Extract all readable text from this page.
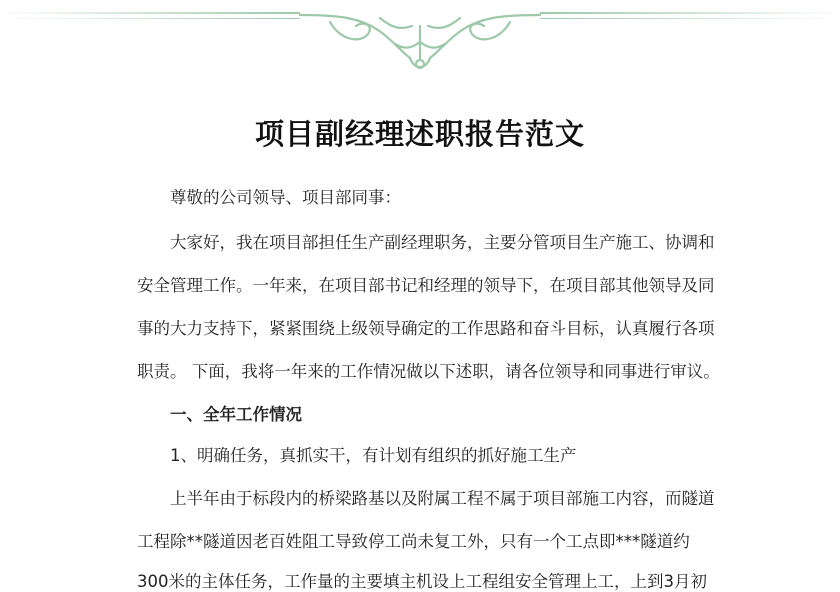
项目副经理述职报告范文
尊敬的公司领导、项目部同事：
大家好，我在项目部担任生产副经理职务，主要分管项目生产施工、协调和
安全管理工作。一年来，在项目部书记和经理的领导下，在项目部其他领导及同
事的大力支持下，紧紧围绕上级领导确定的工作思路和奋斗目标，认真履行各项
职责。 下面，我将一年来的工作情况做以下述职，请各位领导和同事进行审议。
一、全年工作情况
1、明确任务，真抓实干，有计划有组织的抓好施工生产
上半年由于标段内的桥梁路基以及附属工程不属于项目部施工内容，而隧道
工程除**隧道因老百姓阻工导致停工尚未复工外，只有一个工点即***隧道约
300米的主体任务，工作量的主要填主机设上工程组安全管理上工，上到3月初
